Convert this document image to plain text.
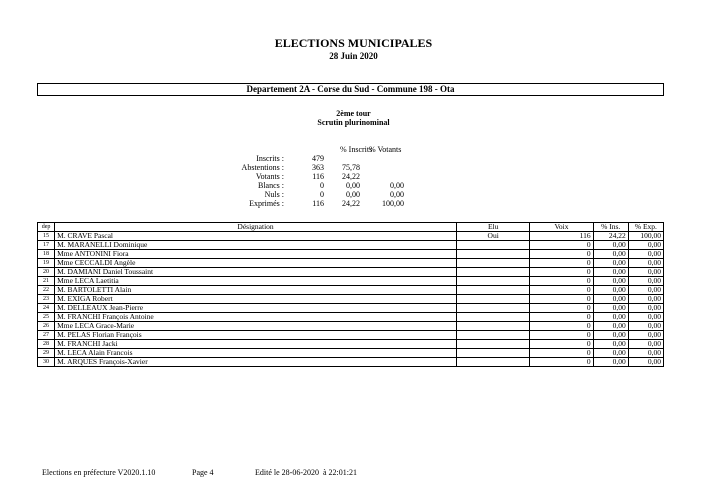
ELECTIONS MUNICIPALES
28 Juin 2020
Departement 2A - Corse du Sud - Commune 198 - Ota
2ème tour
Scrutin plurinominal
% Inscrits
% Votants
Inscrits :	479
Abstentions :	363	75,78
Votants :	116	24,22
Blancs :	0	0,00	0,00
Nuls :	0	0,00	0,00
Exprimés :	116	24,22	100,00
dep	Désignation	Elu	Voix	% Ins.	% Exp.
15	M. CRAVE Pascal	Oui	116	24,22	100,00
17	M. MARANELLI Dominique		0	0,00	0,00
18	Mme ANTONINI Fiora		0	0,00	0,00
19	Mme CECCALDI Angèle		0	0,00	0,00
20	M. DAMIANI Daniel Toussaint		0	0,00	0,00
21	Mme LECA Laetitia		0	0,00	0,00
22	M. BARTOLETTI Alain		0	0,00	0,00
23	M. EXIGA Robert		0	0,00	0,00
24	M. DELLEAUX Jean-Pierre		0	0,00	0,00
25	M. FRANCHI François Antoine		0	0,00	0,00
26	Mme LECA Grace-Marie		0	0,00	0,00
27	M. PELAS Florian François		0	0,00	0,00
28	M. FRANCHI Jacki		0	0,00	0,00
29	M. LECA Alain Francois		0	0,00	0,00
30	M. ARQUES François-Xavier		0	0,00	0,00
Elections en préfecture V2020.1.10	Page 4	Edité le 28-06-2020  à 22:01:21
